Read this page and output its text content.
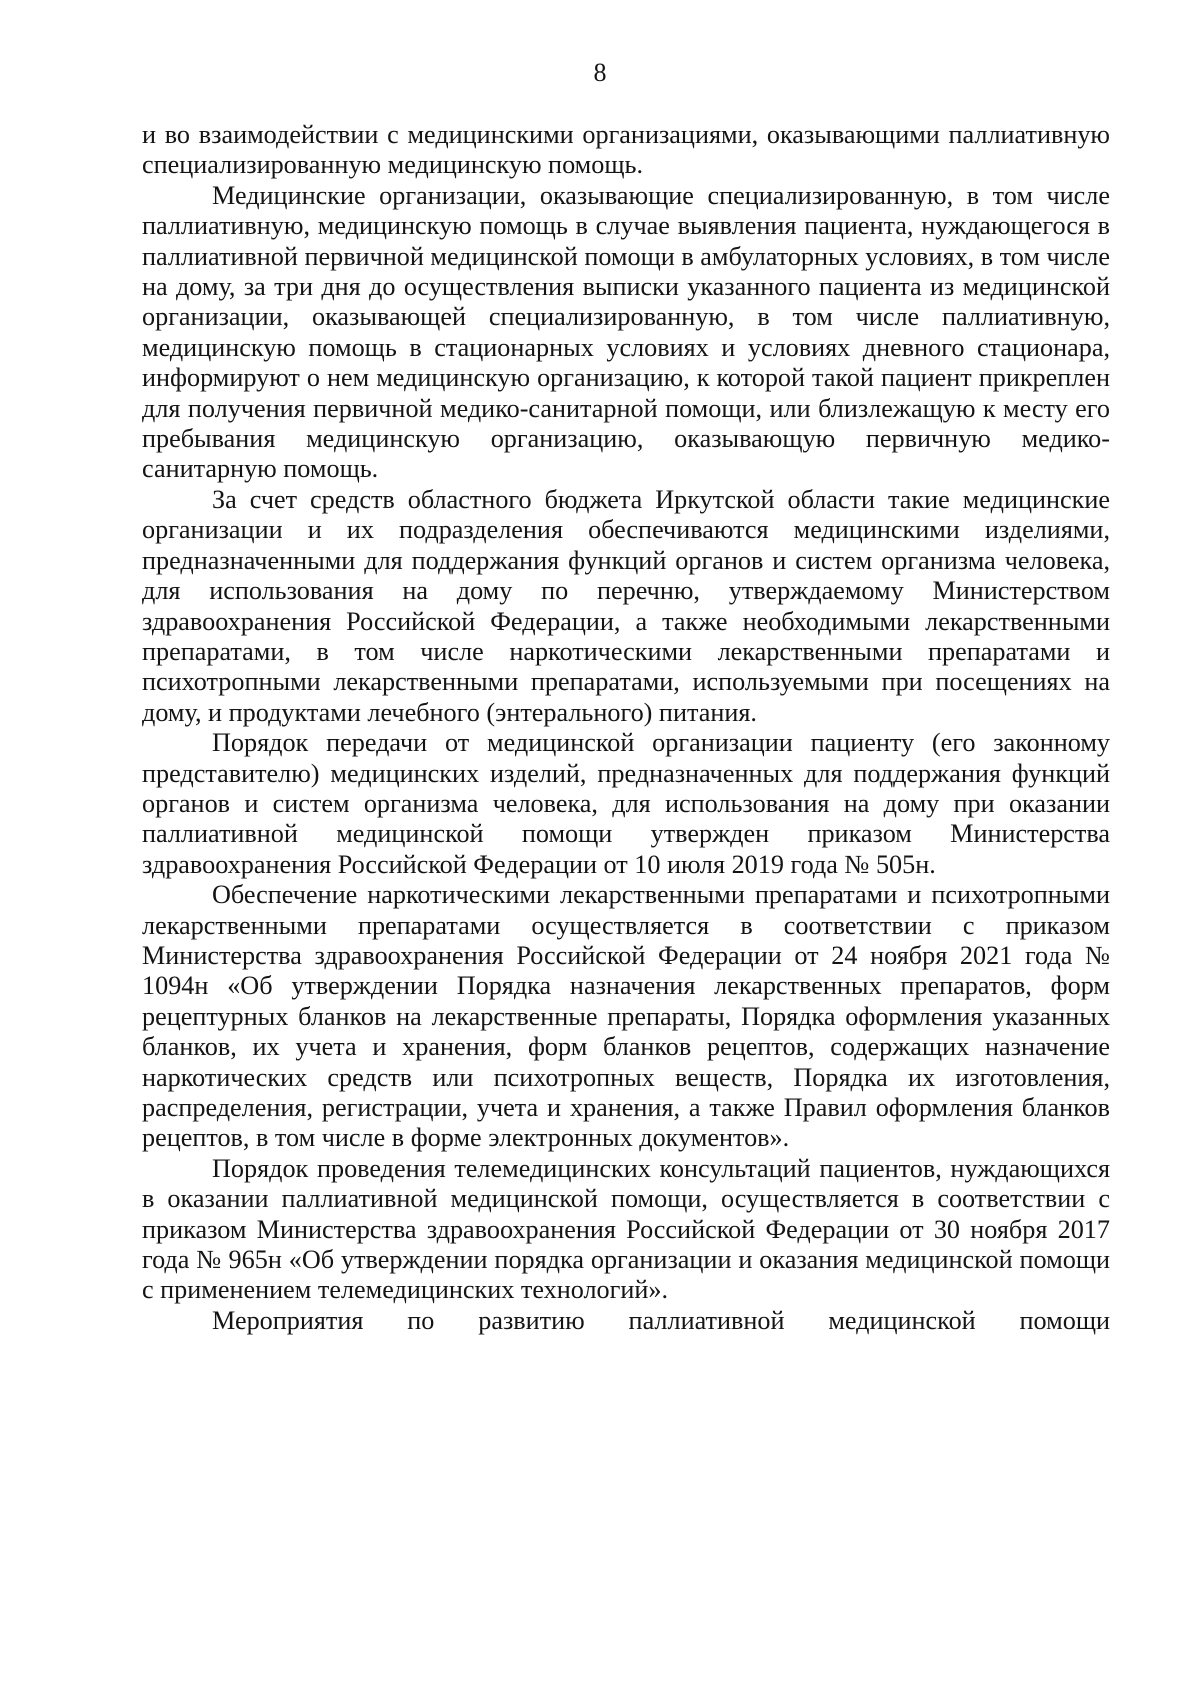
8

и во взаимодействии с медицинскими организациями, оказывающими паллиативную специализированную медицинскую помощь.

Медицинские организации, оказывающие специализированную, в том числе паллиативную, медицинскую помощь в случае выявления пациента, нуждающегося в паллиативной первичной медицинской помощи в амбулаторных условиях, в том числе на дому, за три дня до осуществления выписки указанного пациента из медицинской организации, оказывающей специализированную, в том числе паллиативную, медицинскую помощь в стационарных условиях и условиях дневного стационара, информируют о нем медицинскую организацию, к которой такой пациент прикреплен для получения первичной медико-санитарной помощи, или близлежащую к месту его пребывания медицинскую организацию, оказывающую первичную медико-санитарную помощь.

За счет средств областного бюджета Иркутской области такие медицинские организации и их подразделения обеспечиваются медицинскими изделиями, предназначенными для поддержания функций органов и систем организма человека, для использования на дому по перечню, утверждаемому Министерством здравоохранения Российской Федерации, а также необходимыми лекарственными препаратами, в том числе наркотическими лекарственными препаратами и психотропными лекарственными препаратами, используемыми при посещениях на дому, и продуктами лечебного (энтерального) питания.

Порядок передачи от медицинской организации пациенту (его законному представителю) медицинских изделий, предназначенных для поддержания функций органов и систем организма человека, для использования на дому при оказании паллиативной медицинской помощи утвержден приказом Министерства здравоохранения Российской Федерации от 10 июля 2019 года № 505н.

Обеспечение наркотическими лекарственными препаратами и психотропными лекарственными препаратами осуществляется в соответствии с приказом Министерства здравоохранения Российской Федерации от 24 ноября 2021 года № 1094н «Об утверждении Порядка назначения лекарственных препаратов, форм рецептурных бланков на лекарственные препараты, Порядка оформления указанных бланков, их учета и хранения, форм бланков рецептов, содержащих назначение наркотических средств или психотропных веществ, Порядка их изготовления, распределения, регистрации, учета и хранения, а также Правил оформления бланков рецептов, в том числе в форме электронных документов».

Порядок проведения телемедицинских консультаций пациентов, нуждающихся в оказании паллиативной медицинской помощи, осуществляется в соответствии с приказом Министерства здравоохранения Российской Федерации от 30 ноября 2017 года № 965н «Об утверждении порядка организации и оказания медицинской помощи с применением телемедицинских технологий».

Мероприятия по развитию паллиативной медицинской помощи
